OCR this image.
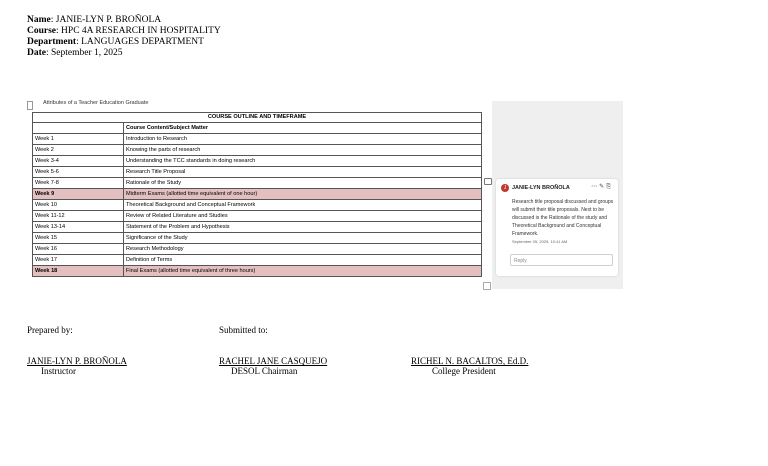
Name: JANIE-LYN P. BROÑOLA
Course: HPC 4A RESEARCH IN HOSPITALITY
Department: LANGUAGES DEPARTMENT
Date: September 1, 2025
Attributes of a Teacher Education Graduate
COURSE OUTLINE AND TIMEFRAME	
	Course Content/Subject Matter
Week 1	Introduction to Research
Week 2	Knowing the parts of research
Week 3-4	Understanding the TCC standards in doing research
Week 5-6	Research Title Proposal
Week 7-8	Rationale of the Study
Week 9	Midterm Exams (allotted time equivalent of one hour)
Week 10	Theoretical Background and Conceptual Framework
Week 11-12	Review of Related Literature and Studies
Week 13-14	Statement of the Problem and Hypothesis
Week 15	Significance of the Study
Week 16	Research Methodology
Week 17	Definition of Terms
Week 18	Final Exams (allotted time equivalent of three hours)
J	JANIE-LYN BROÑOLA	⋯✎⎘
Research title proposal discussed and groups will submit their title proposals. Next to be discussed is the Rationale of the study and Theoretical Background and Conceptual Framework.
September 05, 2025, 10:41 AM
Reply
Prepared by:	Submitted to:
JANIE-LYN P. BROÑOLA
Instructor
RACHEL JANE CASQUEJO
DESOL Chairman
RICHEL N. BACALTOS, Ed.D.
College President
